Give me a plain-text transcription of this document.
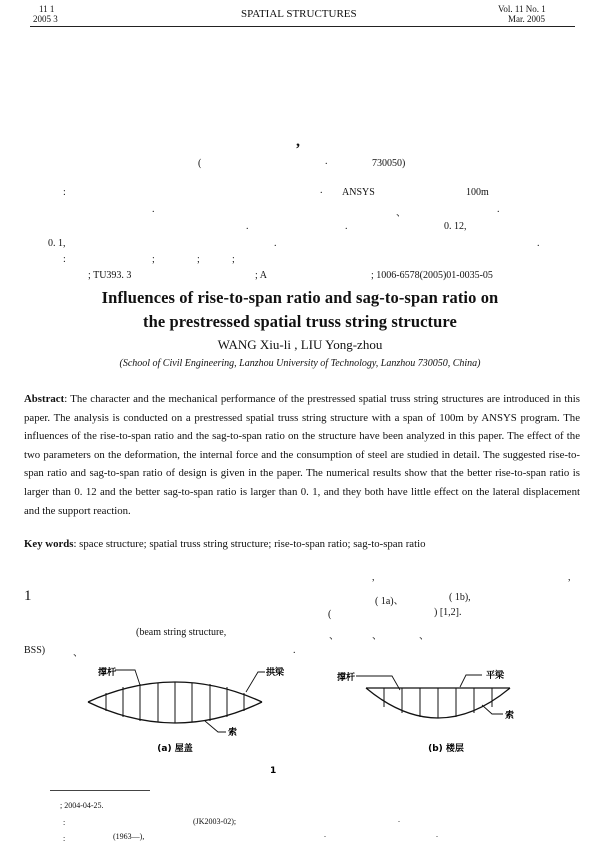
11 1
2005 3	SPATIAL STRUCTURES	Vol. 11 No. 1
Mar. 2005
,
(	.	730050)
:	. ANSYS	100m
.	、	.
.	.	0. 12,
0. 1,	.	.
:	;	;	;
; TU393. 3	; A	; 1006-6578(2005)01-0035-05
Influences of rise-to-span ratio and sag-to-span ratio on
the prestressed spatial truss string structure
WANG Xiu-li , LIU Yong-zhou
(School of Civil Engineering, Lanzhou University of Technology, Lanzhou 730050, China)
Abstract: The character and the mechanical performance of the prestressed spatial truss string structures are introduced in this paper. The analysis is conducted on a prestressed spatial truss string structure with a span of 100m by ANSYS program. The influences of the rise-to-span ratio and the sag-to-span ratio on the structure have been analyzed in this paper. The effect of the two parameters on the deformation, the internal force and the consumption of steel are studied in detail. The suggested rise-to-span ratio and sag-to-span ratio of design is given in the paper. The numerical results show that the better rise-to-span ratio is larger than 0. 12 and the better sag-to-span ratio is larger than 0. 1, and they both have little effect on the lateral displacement and the support reaction.
Key words: space structure; spatial truss string structure; rise-to-span ratio; sag-to-span ratio
,	,
1	( 1a)、	( 1b),
(	) [1,2].
(beam string structure,	、	、	、
BSS)	、	.
撑杆	拱梁
索
(a) 屋盖
撑杆	平梁
索
(b) 楼层
1
; 2004-04-25.
:	(JK2003-02);	.
:	(1963—),	.	.
